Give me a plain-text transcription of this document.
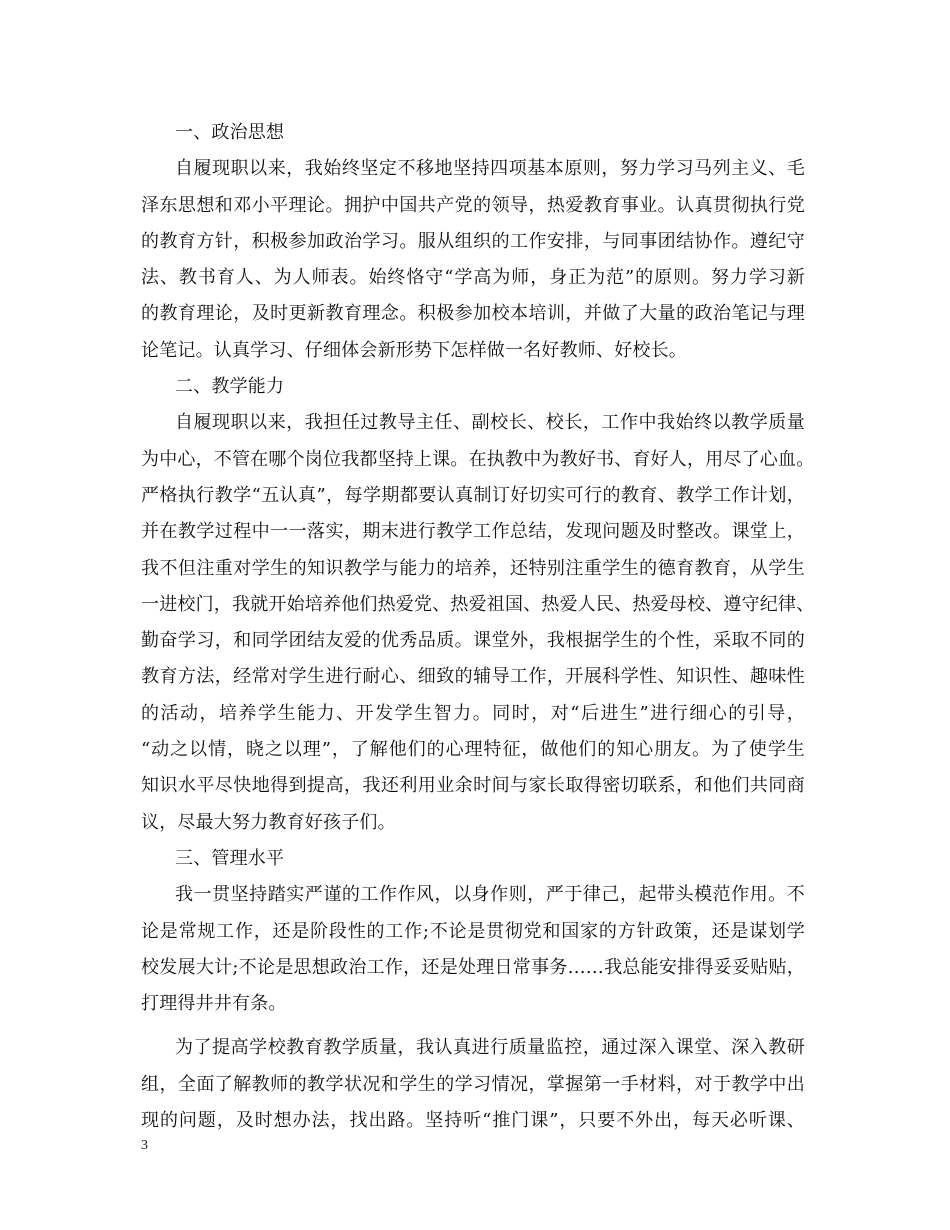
一、政治思想
自履现职以来，我始终坚定不移地坚持四项基本原则，努力学习马列主义、毛
泽东思想和邓小平理论。拥护中国共产党的领导，热爱教育事业。认真贯彻执行党
的教育方针，积极参加政治学习。服从组织的工作安排，与同事团结协作。遵纪守
法、教书育人、为人师表。始终恪守“学高为师，身正为范”的原则。努力学习新
的教育理论，及时更新教育理念。积极参加校本培训，并做了大量的政治笔记与理
论笔记。认真学习、仔细体会新形势下怎样做一名好教师、好校长。
二、教学能力
自履现职以来，我担任过教导主任、副校长、校长，工作中我始终以教学质量
为中心，不管在哪个岗位我都坚持上课。在执教中为教好书、育好人，用尽了心血。
严格执行教学“五认真”，每学期都要认真制订好切实可行的教育、教学工作计划，
并在教学过程中一一落实，期末进行教学工作总结，发现问题及时整改。课堂上，
我不但注重对学生的知识教学与能力的培养，还特别注重学生的德育教育，从学生
一进校门，我就开始培养他们热爱党、热爱祖国、热爱人民、热爱母校、遵守纪律、
勤奋学习，和同学团结友爱的优秀品质。课堂外，我根据学生的个性，采取不同的
教育方法，经常对学生进行耐心、细致的辅导工作，开展科学性、知识性、趣味性
的活动，培养学生能力、开发学生智力。同时，对“后进生”进行细心的引导，
“动之以情，晓之以理”，了解他们的心理特征，做他们的知心朋友。为了使学生
知识水平尽快地得到提高，我还利用业余时间与家长取得密切联系，和他们共同商
议，尽最大努力教育好孩子们。
三、管理水平
我一贯坚持踏实严谨的工作作风，以身作则，严于律己，起带头模范作用。不
论是常规工作，还是阶段性的工作;不论是贯彻党和国家的方针政策，还是谋划学
校发展大计;不论是思想政治工作，还是处理日常事务……我总能安排得妥妥贴贴，
打理得井井有条。
为了提高学校教育教学质量，我认真进行质量监控，通过深入课堂、深入教研
组，全面了解教师的教学状况和学生的学习情况，掌握第一手材料，对于教学中出
现的问题，及时想办法，找出路。坚持听“推门课”，只要不外出，每天必听课、
3
